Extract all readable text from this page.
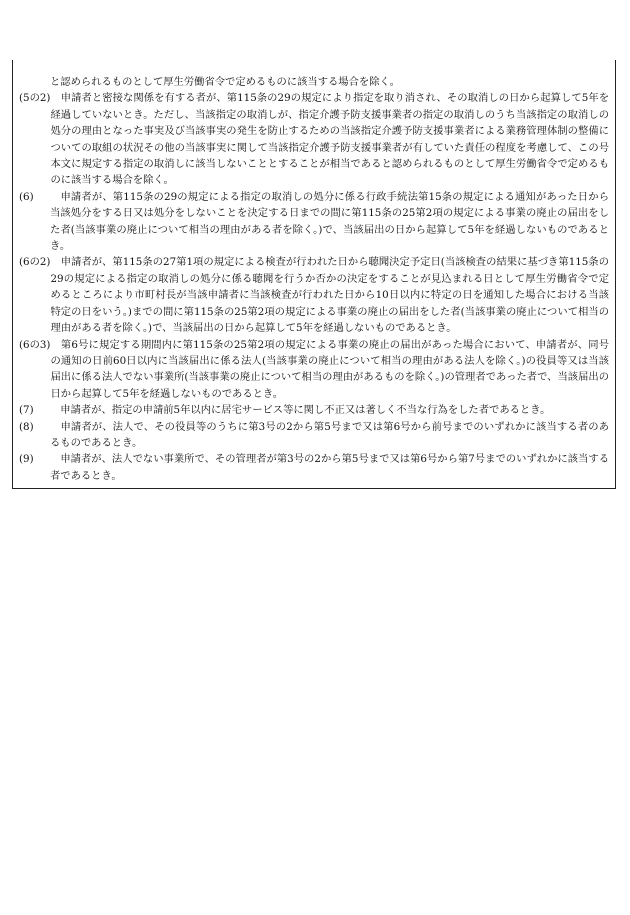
と認められるものとして厚生労働省令で定めるものに該当する場合を除く。

(5の2) 　申請者と密接な関係を有する者が、第115条の29の規定により指定を取り消され、その取消しの日から起算して5年を経過していないとき。ただし、当該指定の取消しが、指定介護予防支援事業者の指定の取消しのうち当該指定の取消しの処分の理由となった事実及び当該事実の発生を防止するための当該指定介護予防支援事業者による業務管理体制の整備についての取組の状況その他の当該事実に関して当該指定介護予防支援事業者が有していた責任の程度を考慮して、この号本文に規定する指定の取消しに該当しないこととすることが相当であると認められるものとして厚生労働省令で定めるものに該当する場合を除く。
(6)	　申請者が、第115条の29の規定による指定の取消しの処分に係る行政手続法第15条の規定による通知があった日から当該処分をする日又は処分をしないことを決定する日までの間に第115条の25第2項の規定による事業の廃止の届出をした者(当該事業の廃止について相当の理由がある者を除く。)で、当該届出の日から起算して5年を経過しないものであるとき。
(6の2) 　申請者が、第115条の27第1項の規定による検査が行われた日から聴聞決定予定日(当該検査の結果に基づき第115条の29の規定による指定の取消しの処分に係る聴聞を行うか否かの決定をすることが見込まれる日として厚生労働省令で定めるところにより市町村長が当該申請者に当該検査が行われた日から10日以内に特定の日を通知した場合における当該特定の日をいう。)までの間に第115条の25第2項の規定による事業の廃止の届出をした者(当該事業の廃止について相当の理由がある者を除く。)で、当該届出の日から起算して5年を経過しないものであるとき。
(6の3) 　第6号に規定する期間内に第115条の25第2項の規定による事業の廃止の届出があった場合において、申請者が、同号の通知の日前60日以内に当該届出に係る法人(当該事業の廃止について相当の理由がある法人を除く。)の役員等又は当該届出に係る法人でない事業所(当該事業の廃止について相当の理由があるものを除く。)の管理者であった者で、当該届出の日から起算して5年を経過しないものであるとき。
(7)	　申請者が、指定の申請前5年以内に居宅サービス等に関し不正又は著しく不当な行為をした者であるとき。
(8)	　申請者が、法人で、その役員等のうちに第3号の2から第5号まで又は第6号から前号までのいずれかに該当する者のあるものであるとき。
(9)	　申請者が、法人でない事業所で、その管理者が第3号の2から第5号まで又は第6号から第7号までのいずれかに該当する者であるとき。
